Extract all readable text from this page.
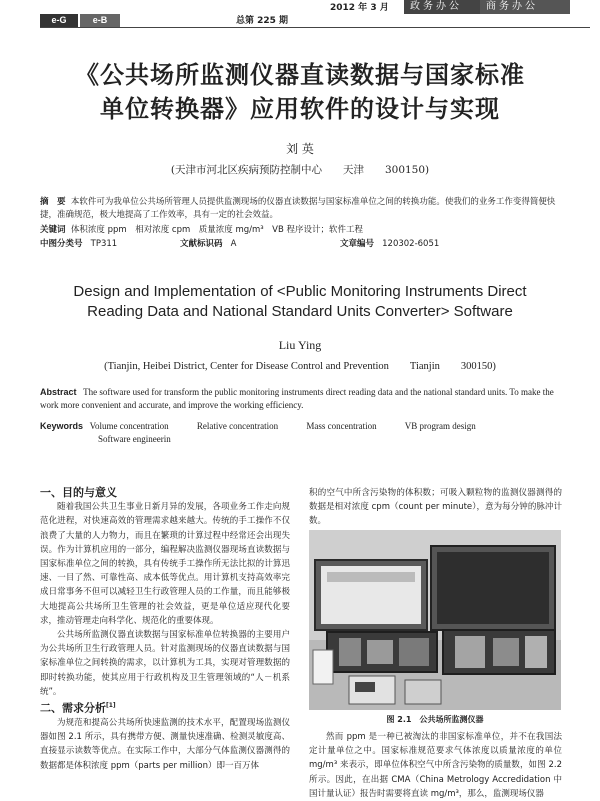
e-G	e-B	总第 225 期
2012 年 3 月	政务办公	商务办公
《公共场所监测仪器直读数据与国家标准
单位转换器》应用软件的设计与实现
刘 英
(天津市河北区疾病预防控制中心　　天津　　300150)
摘　要 本软件可为我单位公共场所管理人员提供监测现场的仪器直读数据与国家标准单位之间的转换功能。使我们的业务工作变得简便快捷，准确规范，极大地提高了工作效率，具有一定的社会效益。
关键词 体积浓度 ppm　相对浓度 cpm　质量浓度 mg/m³　VB 程序设计；软件工程
中图分类号 TP311	文献标识码 A	文章编号 120302-6051
Design and Implementation of <Public Monitoring Instruments Direct
Reading Data and National Standard Units Converter> Software
Liu Ying
(Tianjin, Heibei District, Center for Disease Control and Prevention　　Tianjin　　300150)
Abstract The software used for transform the public monitoring instruments direct reading data and the national standard units. To make the work more convenient and accurate, and improve the working efficiency.
Keywords Volume concentration	Relative concentration	Mass concentration	VB program design
Software engineerin
一、目的与意义
随着我国公共卫生事业日新月异的发展，各项业务工作走向规范化进程，对快速高效的管理需求越来越大。传统的手工操作不仅浪费了大量的人力物力，而且在繁琐的计算过程中经常还会出现失误。作为计算机应用的一部分，编程解决监测仪器现场直读数据与国家标准单位之间的转换，具有传统手工操作所无法比拟的计算迅速、一目了然、可靠性高、成本低等优点。用计算机支持高效率完成日常事务不但可以减轻卫生行政管理人员的工作量，而且能够极大地提高公共场所卫生管理的社会效益，更是单位适应现代化要求，推动管理走向科学化、规范化的重要体现。
公共场所监测仪器直读数据与国家标准单位转换器的主要用户为公共场所卫生行政管理人员。针对监测现场的仪器直读数据与国家标准单位之间转换的需求，以计算机为工具，实现对管理数据的即时转换功能，使其应用于行政机构及卫生管理领域的“人－机系统”。
二、需求分析[1]
为规范和提高公共场所快速监测的技术水平，配置现场监测仪器如图 2.1 所示，具有携带方便、测量快速准确、检测灵敏度高、直接显示读数等优点。在实际工作中，大部分气体监测仪器测得的数据都是体积浓度 ppm（parts per million）即一百万体
积的空气中所含污染物的体积数；可吸入颗粒物的监测仪器测得的数据是相对浓度 cpm（count per minute），意为每分钟的脉冲计数。
图 2.1　公共场所监测仪器
然而 ppm 是一种已被淘汰的非国家标准单位，并不在我国法定计量单位之中。国家标准规范要求气体浓度以质量浓度的单位 mg/m³ 来表示，即单位体积空气中所含污染物的质量数，如图 2.2 所示。因此，在出据 CMA（China Metrology Accredidation 中国计量认证）报告时需要将直读 mg/m³，那么，监测现场仪器
